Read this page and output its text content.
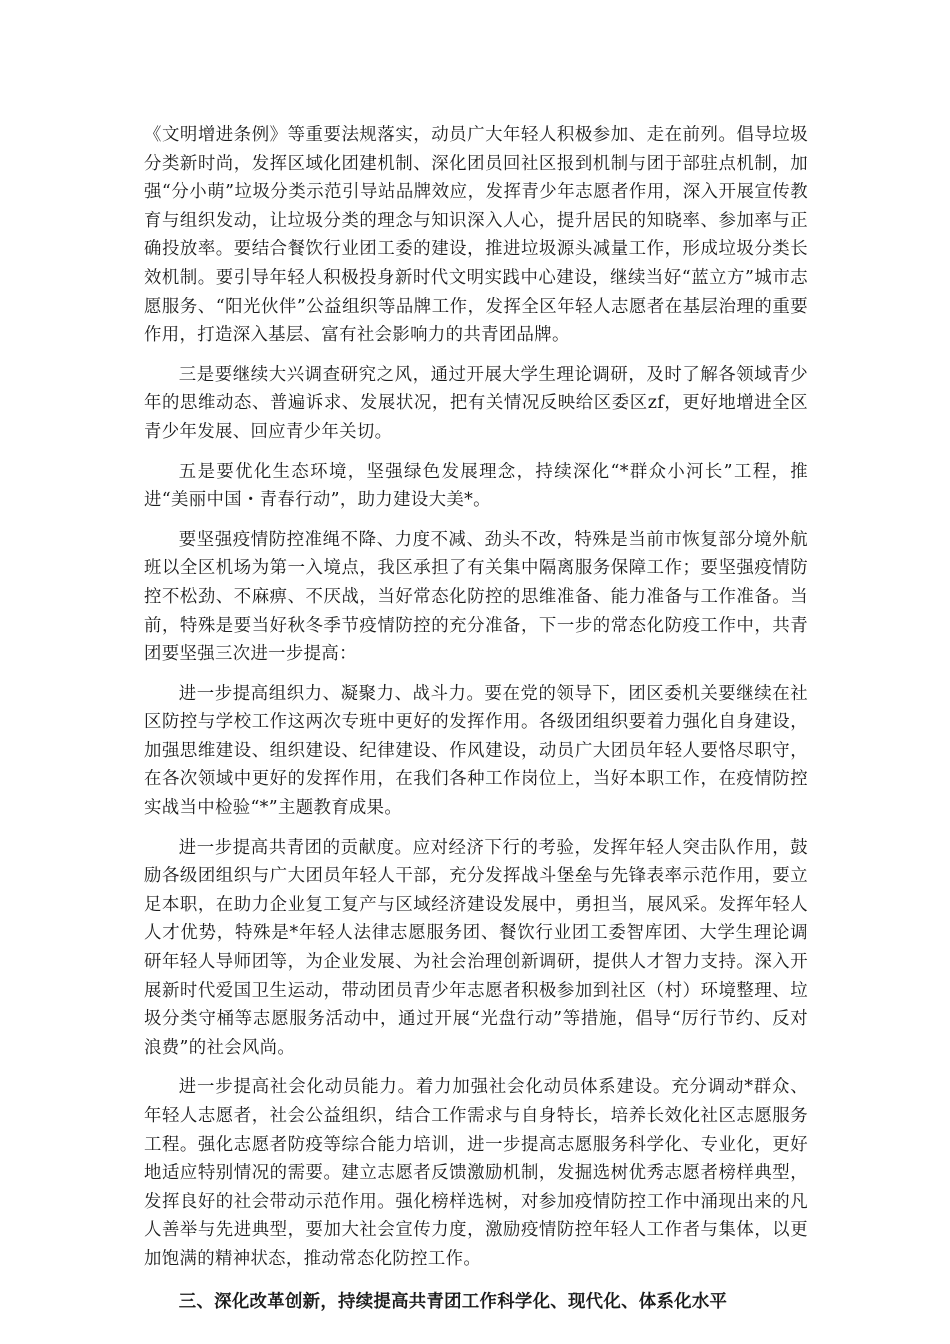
《文明增进条例》等重要法规落实，动员广大年轻人积极参加、走在前列。倡导垃圾分类新时尚，发挥区域化团建机制、深化团员回社区报到机制与团于部驻点机制，加强“分小萌”垃圾分类示范引导站品牌效应，发挥青少年志愿者作用，深入开展宣传教育与组织发动，让垃圾分类的理念与知识深入人心，提升居民的知晓率、参加率与正确投放率。要结合餐饮行业团工委的建设，推进垃圾源头减量工作，形成垃圾分类长效机制。要引导年轻人积极投身新时代文明实践中心建设，继续当好“蓝立方”城市志愿服务、“阳光伙伴”公益组织等品牌工作，发挥全区年轻人志愿者在基层治理的重要作用，打造深入基层、富有社会影响力的共青团品牌。

三是要继续大兴调查研究之风，通过开展大学生理论调研，及时了解各领域青少年的思维动态、普遍诉求、发展状况，把有关情况反映给区委区zf，更好地增进全区青少年发展、回应青少年关切。

五是要优化生态环境，坚强绿色发展理念，持续深化“*群众小河长”工程，推进“美丽中国・青春行动”，助力建设大美*。

要坚强疫情防控准绳不降、力度不减、劲头不改，特殊是当前市恢复部分境外航班以全区机场为第一入境点，我区承担了有关集中隔离服务保障工作；要坚强疫情防控不松劲、不麻痹、不厌战，当好常态化防控的思维准备、能力准备与工作准备。当前，特殊是要当好秋冬季节疫情防控的充分准备，下一步的常态化防疫工作中，共青团要坚强三次进一步提高：

进一步提高组织力、凝聚力、战斗力。要在党的领导下，团区委机关要继续在社区防控与学校工作这两次专班中更好的发挥作用。各级团组织要着力强化自身建设，加强思维建设、组织建设、纪律建设、作风建设，动员广大团员年轻人要恪尽职守，在各次领域中更好的发挥作用，在我们各种工作岗位上，当好本职工作，在疫情防控实战当中检验“*”主题教育成果。

进一步提高共青团的贡献度。应对经济下行的考验，发挥年轻人突击队作用，鼓励各级团组织与广大团员年轻人干部，充分发挥战斗堡垒与先锋表率示范作用，要立足本职，在助力企业复工复产与区域经济建设发展中，勇担当，展风采。发挥年轻人人才优势，特殊是*年轻人法律志愿服务团、餐饮行业团工委智库团、大学生理论调研年轻人导师团等，为企业发展、为社会治理创新调研，提供人才智力支持。深入开展新时代爱国卫生运动，带动团员青少年志愿者积极参加到社区（村）环境整理、垃圾分类守桶等志愿服务活动中，通过开展“光盘行动”等措施，倡导“厉行节约、反对浪费”的社会风尚。

进一步提高社会化动员能力。着力加强社会化动员体系建设。充分调动*群众、年轻人志愿者，社会公益组织，结合工作需求与自身特长，培养长效化社区志愿服务工程。强化志愿者防疫等综合能力培训，进一步提高志愿服务科学化、专业化，更好地适应特别情况的需要。建立志愿者反馈激励机制，发掘选树优秀志愿者榜样典型，发挥良好的社会带动示范作用。强化榜样选树，对参加疫情防控工作中涌现出来的凡人善举与先进典型，要加大社会宣传力度，激励疫情防控年轻人工作者与集体，以更加饱满的精神状态，推动常态化防控工作。

三、深化改革创新，持续提高共青团工作科学化、现代化、体系化水平
